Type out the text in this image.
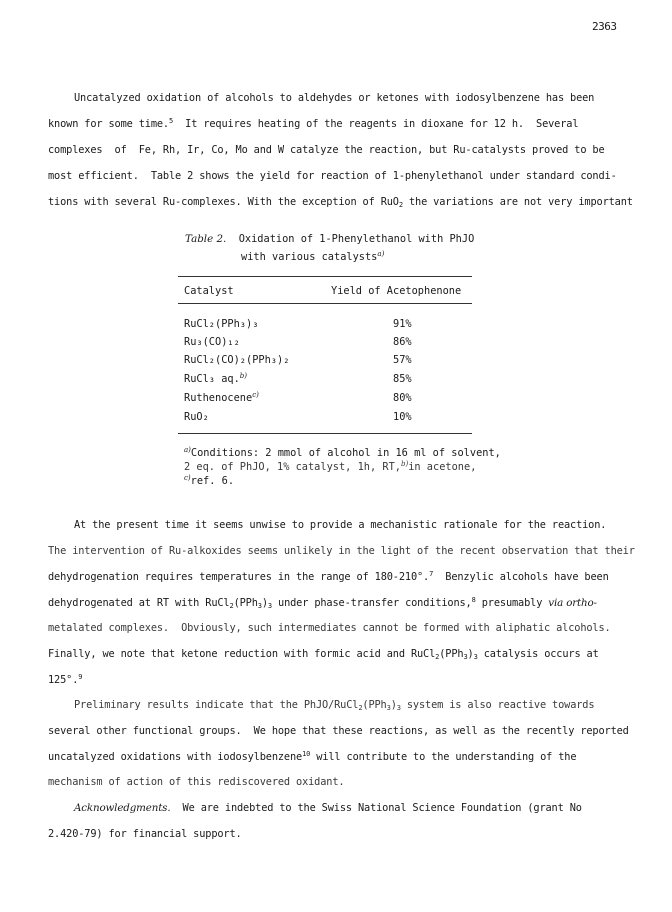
2363
Uncatalyzed oxidation of alcohols to aldehydes or ketones with iodosylbenzene has been
known for some time.$^5$  It requires heating of the reagents in dioxane for 12 h.  Several
complexes  of  Fe, Rh, Ir, Co, Mo and W catalyze the reaction, but Ru-catalysts proved to be
most efficient.  Table 2 shows the yield for reaction of 1-phenylethanol under standard condi-
tions with several Ru-complexes. With the exception of RuO$_2$ the variations are not very important
Table 2.  Oxidation of 1-Phenylethanol with PhJO
with various catalysts$^{a)}$
Catalyst	Yield of Acetophenone
RuCl₂(PPh₃)₃	91%
Ru₃(CO)₁₂	86%
RuCl₂(CO)₂(PPh₃)₂	57%
RuCl₃ aq.$^{b)}$	85%
Ruthenocene$^{c)}$	80%
RuO₂	10%
$^{a)}$Conditions: 2 mmol of alcohol in 16 ml of solvent,
2 eq. of PhJO, 1% catalyst, 1h, RT,$^{b)}$in acetone,
$^{c)}$ref. 6.
At the present time it seems unwise to provide a mechanistic rationale for the reaction.
The intervention of Ru-alkoxides seems unlikely in the light of the recent observation that their
dehydrogenation requires temperatures in the range of 180-210°.$^7$  Benzylic alcohols have been
dehydrogenated at RT with $RuCl_2(PPh_3)_3$ under phase-transfer conditions,$^8$ presumably via ortho-
metalated complexes.  Obviously, such intermediates cannot be formed with aliphatic alcohols.
Finally, we note that ketone reduction with formic acid and $RuCl_2(PPh_3)_3$ catalysis occurs at
125°.$^9$
Preliminary results indicate that the PhJO/$RuCl_2(PPh_3)_3$ system is also reactive towards
several other functional groups.  We hope that these reactions, as well as the recently reported
uncatalyzed oxidations with iodosylbenzene$^{10}$ will contribute to the understanding of the
mechanism of action of this rediscovered oxidant.
Acknowledgments.  We are indebted to the Swiss National Science Foundation (grant No
2.420-79) for financial support.
